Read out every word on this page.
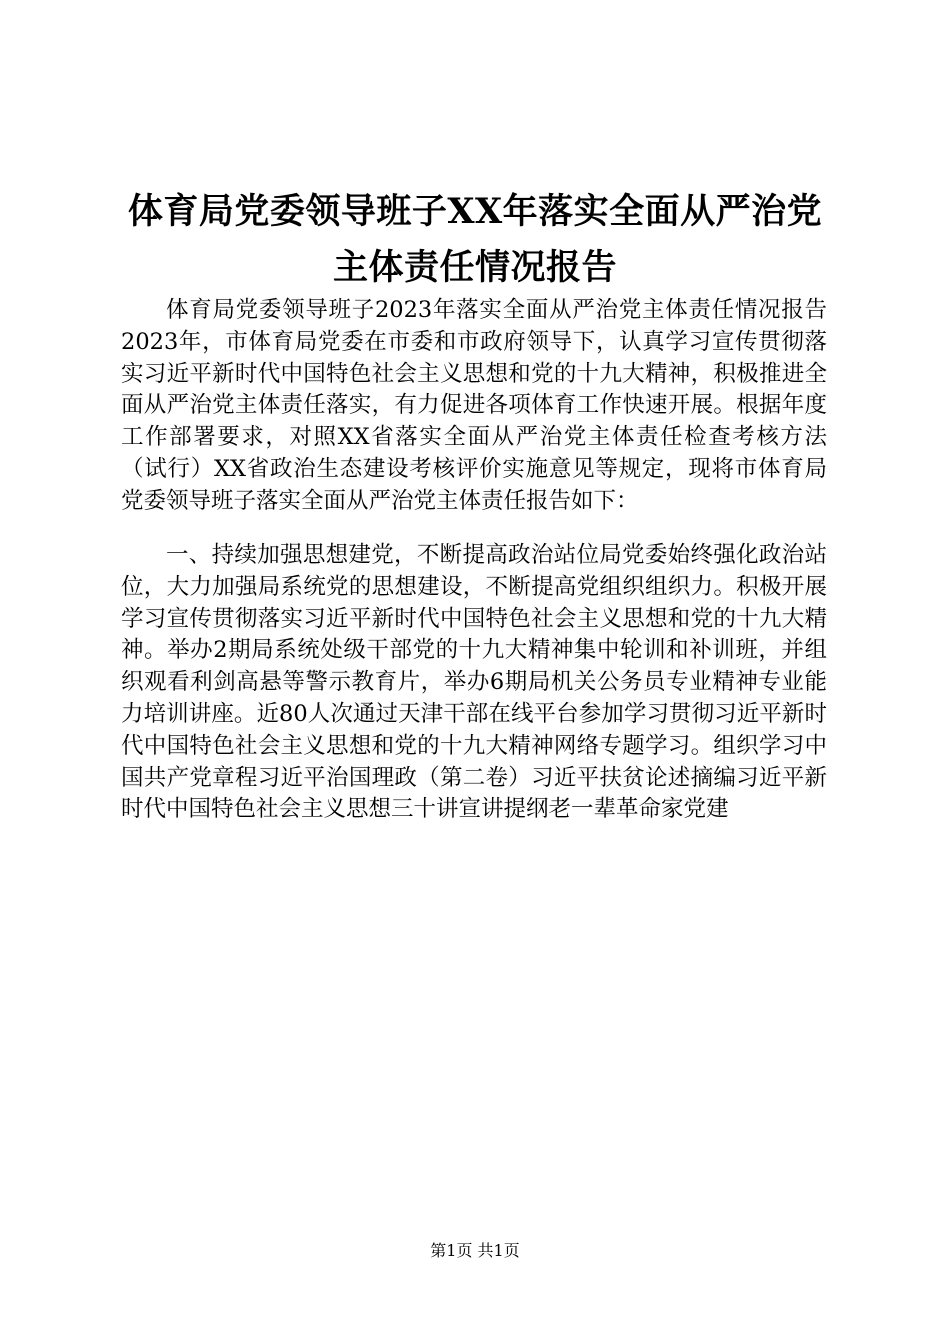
体育局党委领导班子XX年落实全面从严治党
主体责任情况报告

体育局党委领导班子2023年落实全面从严治党主体责任情况报告2023年，市体育局党委在市委和市政府领导下，认真学习宣传贯彻落实习近平新时代中国特色社会主义思想和党的十九大精神，积极推进全面从严治党主体责任落实，有力促进各项体育工作快速开展。根据年度工作部署要求，对照XX省落实全面从严治党主体责任检查考核方法（试行）XX省政治生态建设考核评价实施意见等规定，现将市体育局党委领导班子落实全面从严治党主体责任报告如下：

一、持续加强思想建党，不断提高政治站位局党委始终强化政治站位，大力加强局系统党的思想建设，不断提高党组织组织力。积极开展学习宣传贯彻落实习近平新时代中国特色社会主义思想和党的十九大精神。举办2期局系统处级干部党的十九大精神集中轮训和补训班，并组织观看利剑高悬等警示教育片，举办6期局机关公务员专业精神专业能力培训讲座。近80人次通过天津干部在线平台参加学习贯彻习近平新时代中国特色社会主义思想和党的十九大精神网络专题学习。组织学习中国共产党章程习近平治国理政（第二卷）习近平扶贫论述摘编习近平新时代中国特色社会主义思想三十讲宣讲提纲老一辈革命家党建

第1页 共1页
